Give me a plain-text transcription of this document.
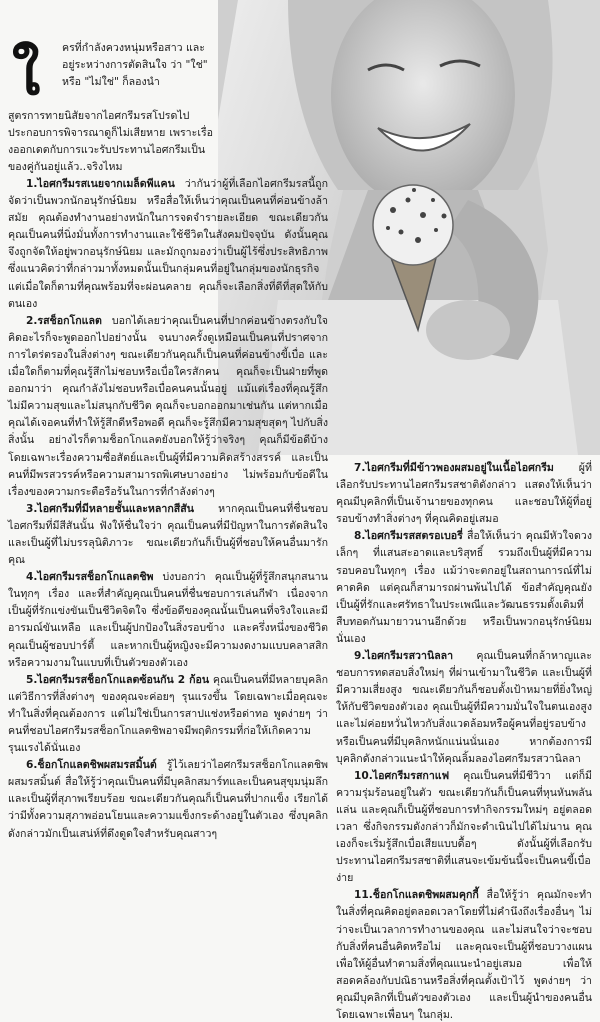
ใ ครที่กำลังควงหนุ่มหรือสาว และอยู่ระหว่างการตัดสินใจ ว่า "ใช่" หรือ "ไม่ใช่" ก็ลองนำ
สูตรการทายนิสัยจากไอศกรีมรสโปรดไปประกอบการพิจารณาดูก็ไม่เสียหาย เพราะเรื่องออกเดตกับการแวะรับประทานไอศกรีมเป็นของคู่กันอยู่แล้ว..จริงไหม

1.ไอศกรีมรสเนยจากเมล็ดพีแคน ว่ากันว่าผู้ที่เลือกไอศกรีมรสนี้ถูกจัดว่าเป็นพวกนักอนุรักษ์นิยม หรือสื่อให้เห็นว่าคุณเป็นคนที่ค่อนข้างล้าสมัย คุณต้องทำงานอย่างหนักในการจดจำรายละเอียด ขณะเดียวกันคุณเป็นคนที่นิ่งมั่นทั้งการทำงานและใช้ชีวิตในสังคมปัจจุบัน ดังนั้นคุณจึงถูกจัดให้อยู่พวกอนุรักษ์นิยม และมักถูกมองว่าเป็นผู้ไร้ซึ่งประสิทธิภาพ ซึ่งแนวคิดว่าที่กล่าวมาทั้งหมดนั้นเป็นกลุ่มคนที่อยู่ในกลุ่มของนักธุรกิจ แต่เมื่อใดก็ตามที่คุณพร้อมที่จะผ่อนคลาย คุณก็จะเลือกสิ่งที่ดีที่สุดให้กับตนเอง

2.รสช็อกโกแลต บอกได้เลยว่าคุณเป็นคนที่ปากค่อนข้างตรงกับใจ คิดอะไรก็จะพูดออกไปอย่างนั้น จนบางครั้งดูเหมือนเป็นคนที่ปราศจากการไตร่ตรองในสิ่งต่างๆ ขณะเดียวกันคุณก็เป็นคนที่ค่อนข้างขี้เบื่อ และเมื่อใดก็ตามที่คุณรู้สึกไม่ชอบหรือเบื่อใครสักคน คุณก็จะเป็นฝ่ายที่พูดออกมาว่า คุณกำลังไม่ชอบหรือเบื่อคนคนนั้นอยู่ แม้แต่เรื่องที่คุณรู้สึกไม่มีความสุขและไม่สนุกกับชีวิต คุณก็จะบอกออกมาเช่นกัน แต่หากเมื่อคุณได้เจอคนที่ทำให้รู้สึกดีหรือพอดี คุณก็จะรู้สึกมีความสุขสุดๆ ไปกับสิ่งสิ่งนั้น อย่างไรก็ตามช็อกโกแลตยังบอกให้รู้ว่าจริงๆ คุณก็มีข้อดีบ้าง โดยเฉพาะเรื่องความซื่อสัตย์และเป็นผู้ที่มีความคิดสร้างสรรค์ และเป็นคนที่มีพรสวรรค์หรือความสามารถพิเศษบางอย่าง ไม่พร้อมกับข้อดีในเรื่องของความกระตือรือร้นในการที่กำลังต่างๆ

3.ไอศกรีมที่มีหลายชั้นและหลากสีสัน หากคุณเป็นคนที่ชื่นชอบไอศกรีมที่มีสีสันนั้น ฟังให้ชื่นใจว่า คุณเป็นคนที่มีปัญหาในการตัดสินใจ และเป็นผู้ที่ไม่บรรลุนิติภาวะ ขณะเดียวกันก็เป็นผู้ที่ชอบให้คนอื่นมารักคุณ

4.ไอศกรีมรสช็อกโกแลตชิพ บ่งบอกว่า คุณเป็นผู้ที่รู้สึกสนุกสนานในทุกๆ เรื่อง และที่สำคัญคุณเป็นคนที่ชื่นชอบการเล่นกีฬา เนื่องจากเป็นผู้ที่รักแข่งขันเป็นชีวิตจิตใจ ซึ่งข้อดีของคุณนั้นเป็นคนที่จริงใจและมีอารมณ์ขันเหลือ และเป็นผู้ปกป้องในสิ่งรอบข้าง และครึ่งหนึ่งของชีวิตคุณเป็นผู้ชอบปาร์ตี้ และหากเป็นผู้หญิงจะมีความงดงามแบบคลาสสิก หรือความงามในแบบที่เป็นตัวของตัวเอง

5.ไอศกรีมรสช็อกโกแลตซ้อนกัน 2 ก้อน คุณเป็นคนที่มีหลายบุคลิก แต่วิธีการที่สิ่งต่างๆ ของคุณจะค่อยๆ รุนแรงขึ้น โดยเฉพาะเมื่อคุณจะทำในสิ่งที่คุณต้องการ แต่ไม่ใช่เป็นการสาปแช่งหรือด่าทอ พูดง่ายๆ ว่าคนที่ชอบไอศกรีมรสช็อกโกแลตชิพอาจมีพฤติกรรมที่ก่อให้เกิดความรุนแรงได้นั่นเอง

6.ช็อกโกแลตชิพผสมรสมิ้นต์ รู้ไว้เลยว่าไอศกรีมรสช็อกโกแลตชิพผสมรสมิ้นต์ สื่อให้รู้ว่าคุณเป็นคนที่มีบุคลิกสมาร์ทและเป็นคนสุขุมนุ่มลึก และเป็นผู้ที่สุภาพเรียบร้อย ขณะเดียวกันคุณก็เป็นคนที่ปากแข็ง เรียกได้ว่ามีทั้งความสุภาพอ่อนโยนและความแข็งกระด้างอยู่ในตัวเอง ซึ่งบุคลิกดังกล่าวมักเป็นเสน่ห์ที่ดึงดูดใจสำหรับคุณสาวๆ

7.ไอศกรีมที่มีข้าวพองผสมอยู่ในเนื้อไอศกรีม ผู้ที่เลือกรับประทานไอศกรีมรสชาติดังกล่าว แสดงให้เห็นว่าคุณมีบุคลิกที่เป็นเจ้านายของทุกคน และชอบให้ผู้ที่อยู่รอบข้างทำสิ่งต่างๆ ที่คุณคิดอยู่เสมอ

8.ไอศกรีมรสสตรอเบอรี่ สื่อให้เห็นว่า คุณมีหัวใจดวงเล็กๆ ที่แสนสะอาดและบริสุทธิ์ รวมถึงเป็นผู้ที่มีความรอบคอบในทุกๆ เรื่อง แม้ว่าจะตกอยู่ในสถานการณ์ที่ไม่คาดคิด แต่คุณก็สามารถผ่านพ้นไปได้ ข้อสำคัญคุณยังเป็นผู้ที่รักและศรัทธาในประเพณีและวัฒนธรรมดั้งเดิมที่สืบทอดกันมายาวนานอีกด้วย หรือเป็นพวกอนุรักษ์นิยมนั่นเอง

9.ไอศกรีมรสวานิลลา คุณเป็นคนที่กล้าหาญและชอบการทดสอบสิ่งใหม่ๆ ที่ผ่านเข้ามาในชีวิต และเป็นผู้ที่มีความเสี่ยงสูง ขณะเดียวกันก็ชอบตั้งเป้าหมายที่ยิ่งใหญ่ให้กับชีวิตของตัวเอง คุณเป็นผู้ที่มีความมั่นใจในตนเองสูง และไม่ค่อยหวั่นไหวกับสิ่งแวดล้อมหรือผู้คนที่อยู่รอบข้าง หรือเป็นคนที่มีบุคลิกหนักแน่นนั่นเอง หากต้องการมีบุคลิกดังกล่าวแนะนำให้คุณลิ้มลองไอศกรีมรสวานิลลา

10.ไอศกรีมรสกาแฟ คุณเป็นคนที่มีชีวิวา แต่ก็มีความรุ่มร้อนอยู่ในตัว ขณะเดียวกันก็เป็นคนที่หุนหันพลันแล่น และคุณก็เป็นผู้ที่ชอบการทำกิจกรรมใหม่ๆ อยู่ตลอดเวลา ซึ่งกิจกรรมดังกล่าวก็มักจะดำเนินไปได้ไม่นาน คุณเองก็จะเริ่มรู้สึกเบื่อเสียแบบดื้อๆ ดังนั้นผู้ที่เลือกรับประทานไอศกรีมรสชาติที่แสนจะเข้มข้นนี้จะเป็นคนขี้เบื่อง่าย

11.ช็อกโกแลตชิพผสมคุกกี้ สื่อให้รู้ว่า คุณมักจะทำในสิ่งที่คุณคิดอยู่ตลอดเวลาโดยที่ไม่คำนึงถึงเรื่องอื่นๆ ไม่ว่าจะเป็นเวลาการทำงานของคุณ และไม่สนใจว่าจะชอบกับสิ่งที่คนอื่นคิดหรือไม่ และคุณจะเป็นผู้ที่ชอบวางแผน เพื่อให้ผู้อื่นทำตามสิ่งที่คุณแนะนำอยู่เสมอ เพื่อให้สอดคล้องกับปณิธานหรือสิ่งที่คุณตั้งเป้าไว้ พูดง่ายๆ ว่าคุณมีบุคลิกที่เป็นตัวของตัวเอง และเป็นผู้นำของคนอื่นโดยเฉพาะเพื่อนๆ ในกลุ่ม.
